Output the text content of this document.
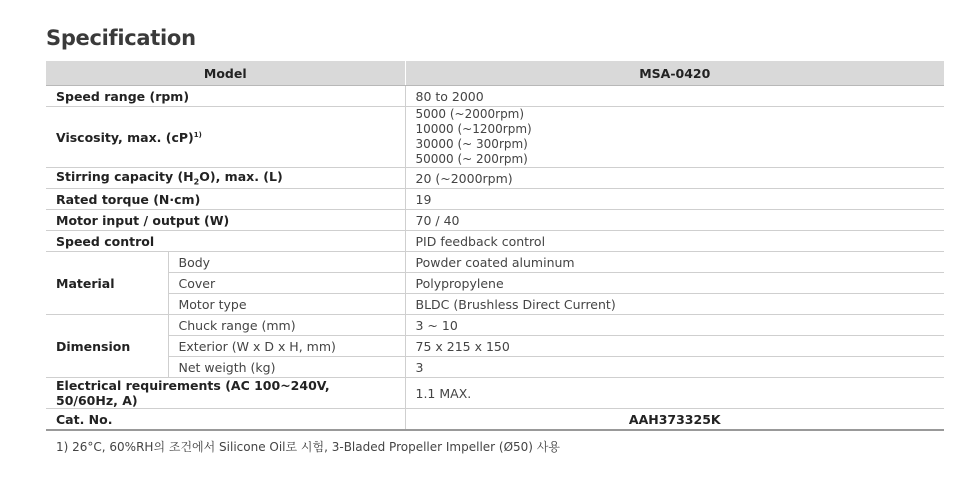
Specification
Model		MSA-0420
Speed range (rpm)		80 to 2000
Viscosity, max. (cP)$^{1)}$		5000 (~2000rpm)
10000 (~1200rpm)
30000 (~ 300rpm)
50000 (~ 200rpm)

Stirring capacity $(H_2O)$, max. (L)		20 (~2000rpm)
Rated torque (N·cm)		19
Motor input / output (W)		70 / 40
Speed control		PID feedback control
Material	Body	Powder coated aluminum
	Cover	Polypropylene
	Motor type	BLDC (Brushless Direct Current)
Dimension	Chuck range (mm)	3 ~ 10
	Exterior (W x D x H, mm)	75 x 215 x 150
	Net weigth (kg)	3
Electrical requirements (AC 100~240V, 50/60Hz, A)		1.1 MAX.
Cat. No.		AAH373325K
1) 26°C, 60%RH의 조건에서 Silicone Oil로 시험, 3-Bladed Propeller Impeller (Ø50) 사용
